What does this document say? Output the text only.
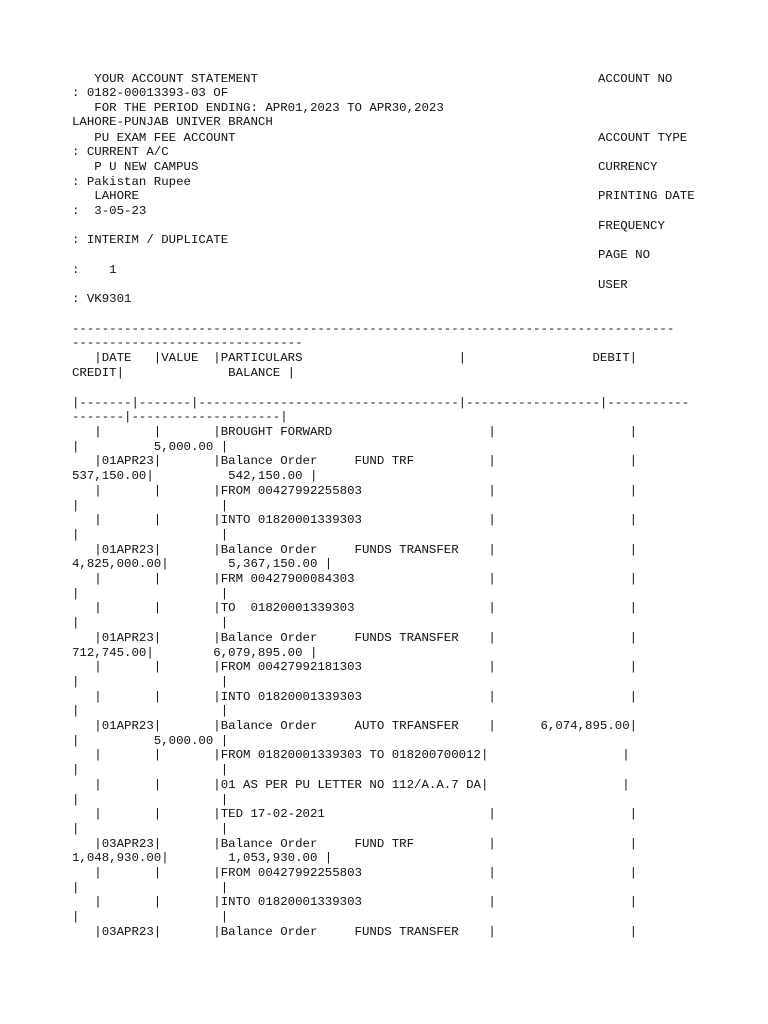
YOUR ACCOUNT STATEMENT
: 0182-00013393-03 OF
FOR THE PERIOD ENDING: APR01,2023 TO APR30,2023
LAHORE-PUNJAB UNIVER BRANCH
PU EXAM FEE ACCOUNT
: CURRENT A/C
P U NEW CAMPUS
: Pakistan Rupee
LAHORE
:  3-05-23
: INTERIM / DUPLICATE
:    1
: VK9301
ACCOUNT NO
ACCOUNT TYPE
CURRENCY
PRINTING DATE
FREQUENCY
PAGE NO
USER
---------------------------------------------------------------------------------
-------------------------------
|DATE   |VALUE  |PARTICULARS                     |                 DEBIT|
CREDIT|              BALANCE |
|-------|-------|-----------------------------------|------------------|-----------
-------|--------------------|
|       |       |BROUGHT FORWARD                     |                  |
|          5,000.00 |
|01APR23|       |Balance Order     FUND TRF          |                  |
537,150.00|          542,150.00 |
|       |       |FROM 00427992255803                 |                  |
|                   |
|       |       |INTO 01820001339303                 |                  |
|                   |
|01APR23|       |Balance Order     FUNDS TRANSFER    |                  |
4,825,000.00|        5,367,150.00 |
|       |       |FRM 00427900084303                  |                  |
|                   |
|       |       |TO  01820001339303                  |                  |
|                   |
|01APR23|       |Balance Order     FUNDS TRANSFER    |                  |
712,745.00|        6,079,895.00 |
|       |       |FROM 00427992181303                 |                  |
|                   |
|       |       |INTO 01820001339303                 |                  |
|                   |
|01APR23|       |Balance Order     AUTO TRFANSFER    |      6,074,895.00|
|          5,000.00 |
|       |       |FROM 01820001339303 TO 018200700012|                  |
|                   |
|       |       |01 AS PER PU LETTER NO 112/A.A.7 DA|                  |
|                   |
|       |       |TED 17-02-2021                      |                  |
|                   |
|03APR23|       |Balance Order     FUND TRF          |                  |
1,048,930.00|        1,053,930.00 |
|       |       |FROM 00427992255803                 |                  |
|                   |
|       |       |INTO 01820001339303                 |                  |
|                   |
|03APR23|       |Balance Order     FUNDS TRANSFER    |                  |
